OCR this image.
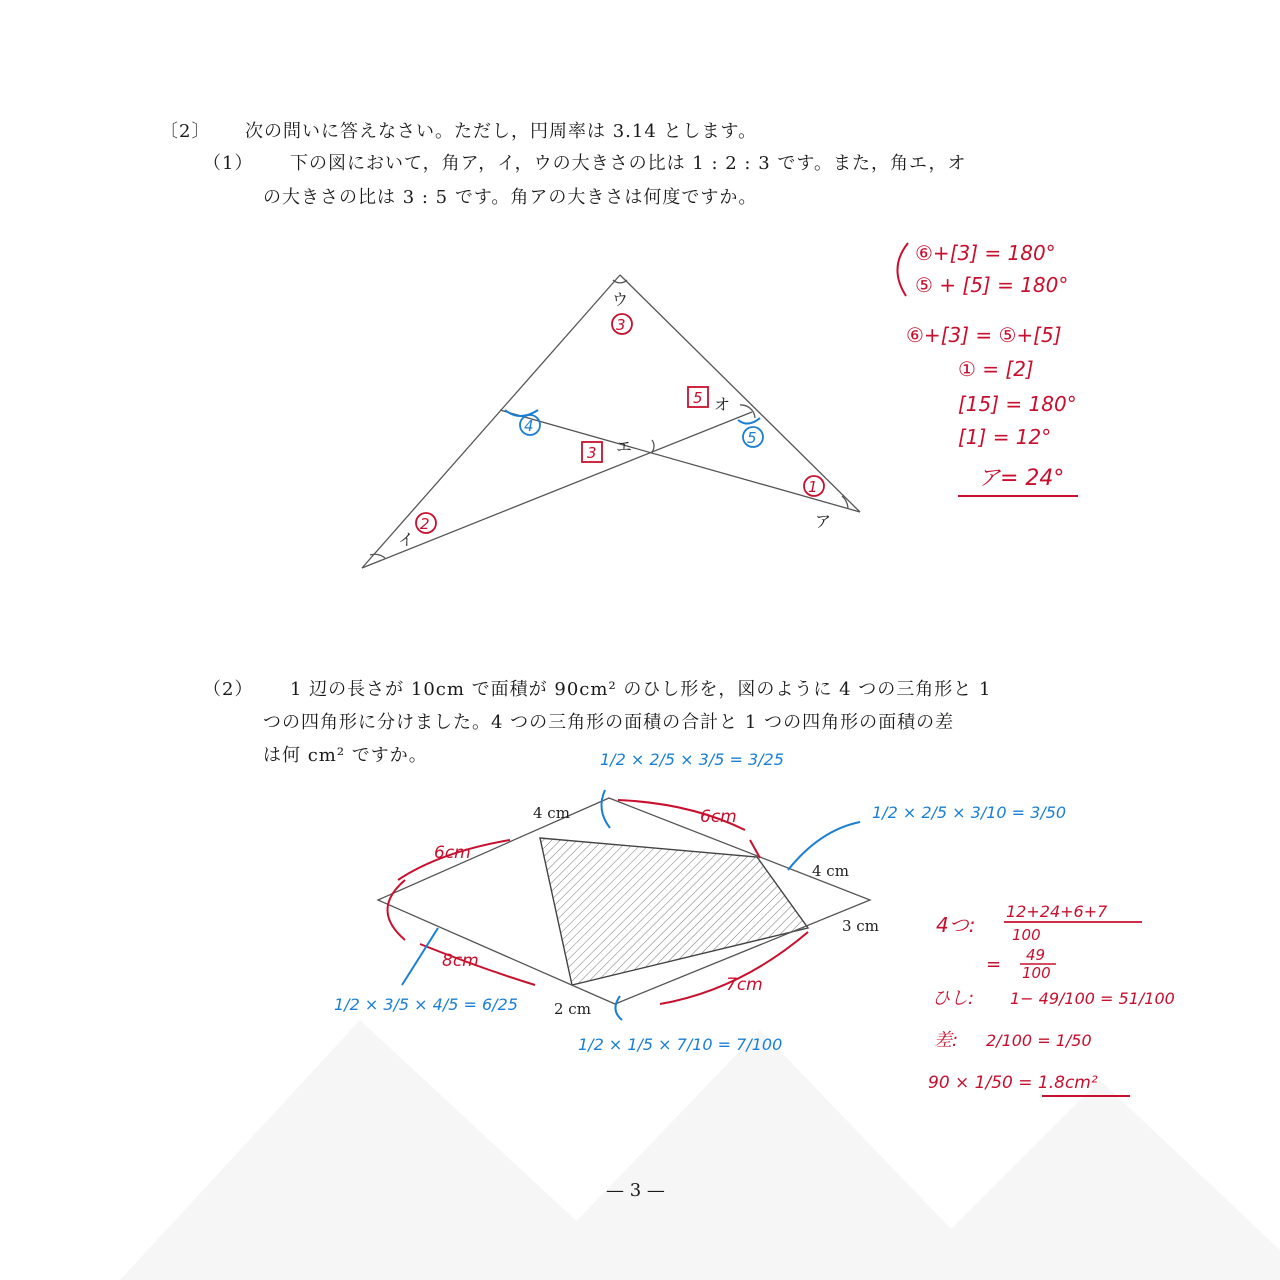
〔2〕 次の問いに答えなさい。ただし，円周率は 3.14 とします。
（1） 下の図において，角ア，イ，ウの大きさの比は 1 : 2 : 3 です。また，角エ，オ
の大きさの比は 3 : 5 です。角アの大きさは何度ですか。
（2） 1 辺の長さが 10cm で面積が 90cm² のひし形を，図のように 4 つの三角形と 1
つの四角形に分けました。4 つの三角形の面積の合計と 1 つの四角形の面積の差
は何 cm² ですか。
— 3 —
ウ
オ
エ
イ
ア
3
5
3
2
1
4
5
⑥+[3] = 180°
⑤ + [5] = 180°
⑥+[3] = ⑤+[5]
① = [2]
[15] = 180°
[1] = 12°
ア= 24°
4 cm
4 cm
3 cm
2 cm
6cm
6cm
8cm
7cm
1/2 × 2/5 × 3/5 = 3/25
1/2 × 2/5 × 3/10 = 3/50
1/2 × 3/5 × 4/5 = 6/25
1/2 × 1/5 × 7/10 = 7/100
4つ:
12+24+6+7
100
= 49
100
ひし: 1− 49/100 = 51/100
差: 2/100 = 1/50
90 × 1/50 = 1.8cm²
